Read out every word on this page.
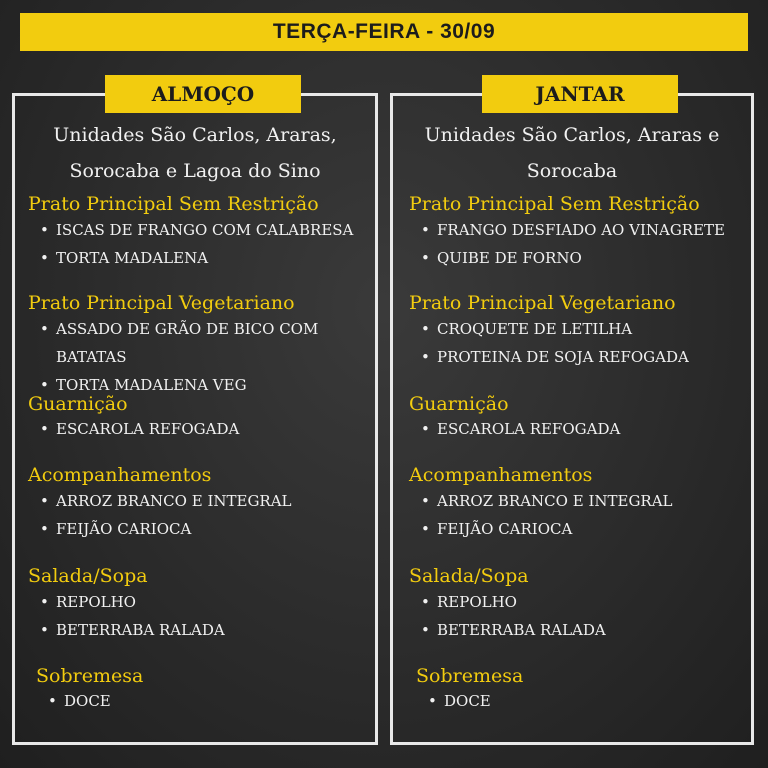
TERÇA-FEIRA - 30/09
ALMOÇO	JANTAR
Unidades São Carlos, Araras,
Sorocaba e Lagoa do Sino
Prato Principal Sem Restrição
• ISCAS DE FRANGO COM CALABRESA
• TORTA MADALENA
Prato Principal Vegetariano
• ASSADO DE GRÃO DE BICO COM
BATATAS
• TORTA MADALENA VEG
Guarnição
• ESCAROLA REFOGADA
Acompanhamentos
• ARROZ BRANCO E INTEGRAL
• FEIJÃO CARIOCA
Salada/Sopa
• REPOLHO
• BETERRABA RALADA
Sobremesa
• DOCE
Unidades São Carlos, Araras e
Sorocaba
Prato Principal Sem Restrição
• FRANGO DESFIADO AO VINAGRETE
• QUIBE DE FORNO
Prato Principal Vegetariano
• CROQUETE DE LETILHA
• PROTEINA DE SOJA REFOGADA
Guarnição
• ESCAROLA REFOGADA
Acompanhamentos
• ARROZ BRANCO E INTEGRAL
• FEIJÃO CARIOCA
Salada/Sopa
• REPOLHO
• BETERRABA RALADA
Sobremesa
• DOCE
